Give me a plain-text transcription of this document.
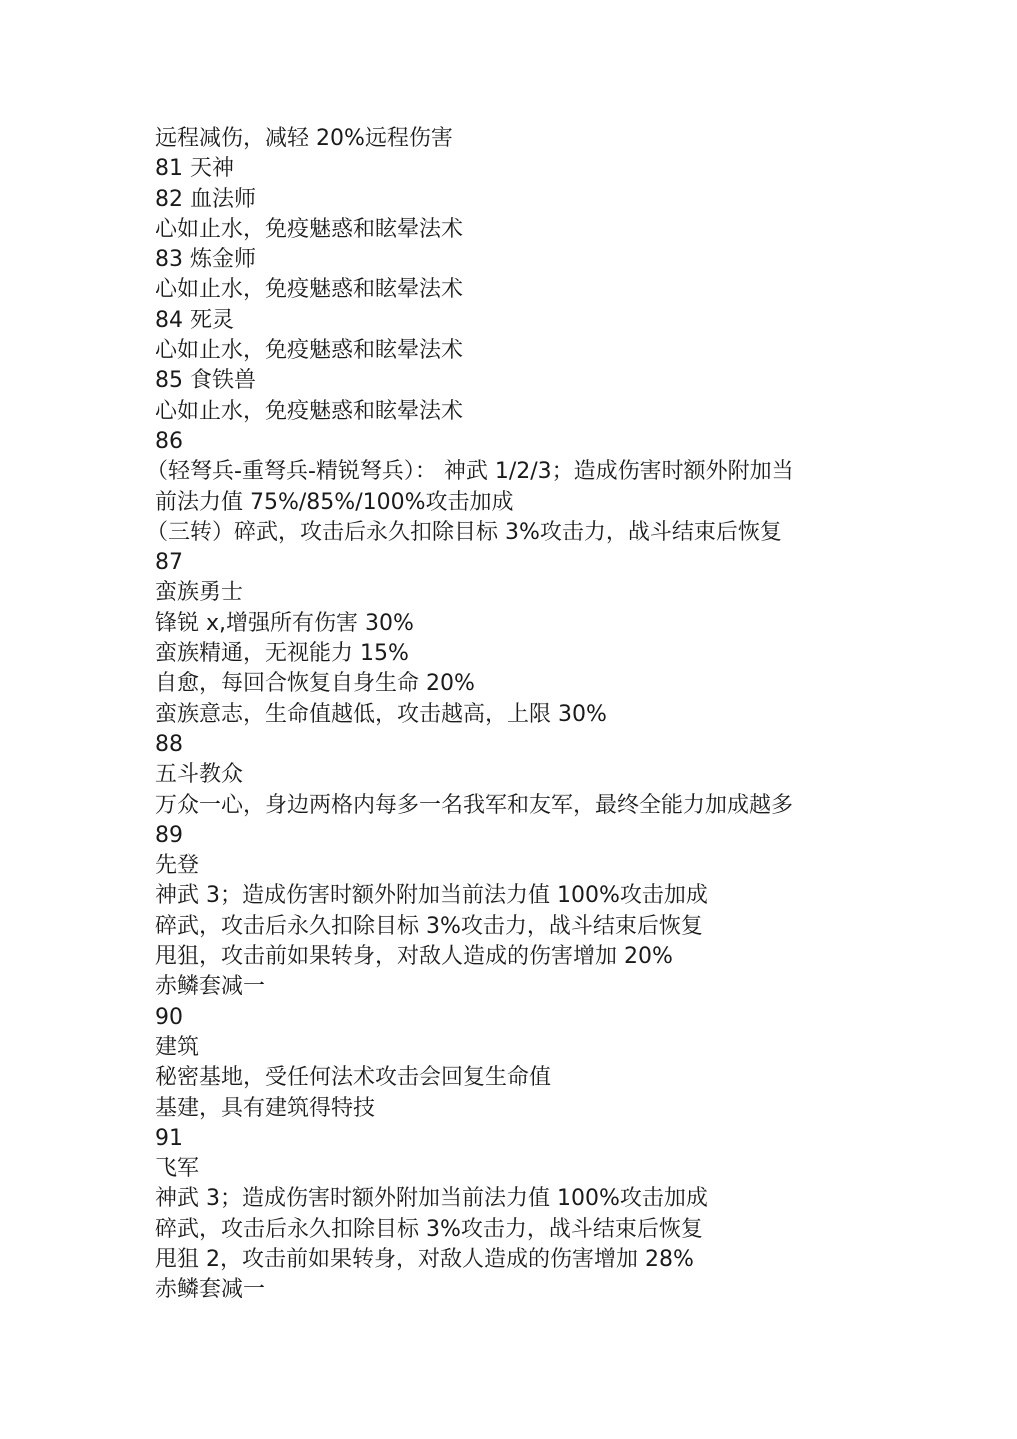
远程减伤，减轻 20%远程伤害
81 天神
82 血法师
心如止水，免疫魅惑和眩晕法术
83 炼金师
心如止水，免疫魅惑和眩晕法术
84 死灵
心如止水，免疫魅惑和眩晕法术
85 食铁兽
心如止水，免疫魅惑和眩晕法术
86
（轻弩兵-重弩兵-精锐弩兵）： 神武 1/2/3；造成伤害时额外附加当
前法力值 75%/85%/100%攻击加成
（三转）碎武，攻击后永久扣除目标 3%攻击力，战斗结束后恢复
87
蛮族勇士
锋锐 x,增强所有伤害 30%
蛮族精通，无视能力 15%
自愈，每回合恢复自身生命 20%
蛮族意志，生命值越低，攻击越高，上限 30%
88
五斗教众
万众一心，身边两格内每多一名我军和友军，最终全能力加成越多
89
先登
神武 3；造成伤害时额外附加当前法力值 100%攻击加成
碎武，攻击后永久扣除目标 3%攻击力，战斗结束后恢复
甩狙，攻击前如果转身，对敌人造成的伤害增加 20%
赤鳞套减一
90
建筑
秘密基地，受任何法术攻击会回复生命值
基建，具有建筑得特技
91
飞军
神武 3；造成伤害时额外附加当前法力值 100%攻击加成
碎武，攻击后永久扣除目标 3%攻击力，战斗结束后恢复
甩狙 2，攻击前如果转身，对敌人造成的伤害增加 28%
赤鳞套减一
